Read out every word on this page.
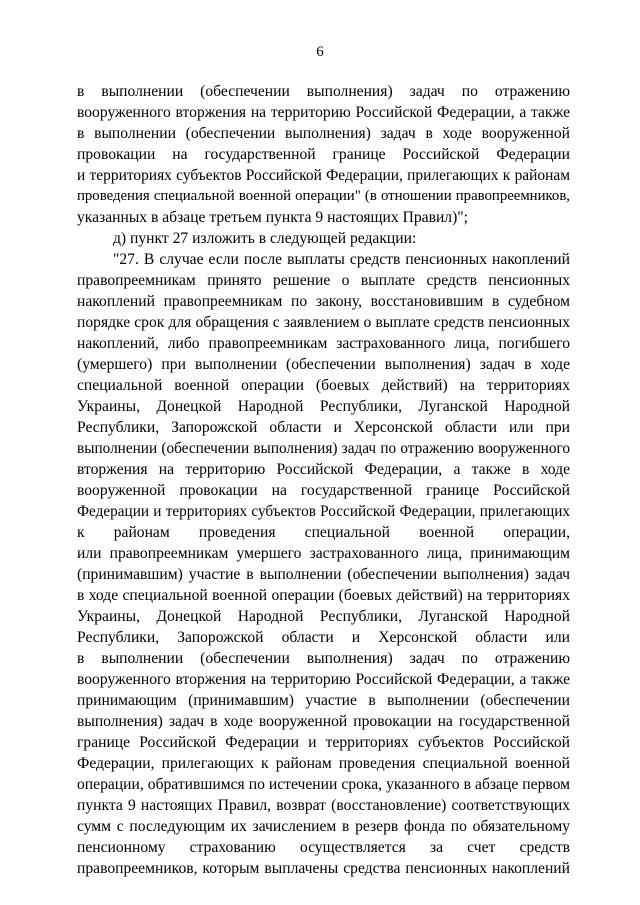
6
в выполнении (обеспечении выполнения) задач по отражению
вооруженного вторжения на территорию Российской Федерации, а также
в выполнении (обеспечении выполнения) задач в ходе вооруженной
провокации на государственной границе Российской Федерации
и территориях субъектов Российской Федерации, прилегающих к районам
проведения специальной военной операции" (в отношении правопреемников,
указанных в абзаце третьем пункта 9 настоящих Правил)";
д) пункт 27 изложить в следующей редакции:
"27. В случае если после выплаты средств пенсионных накоплений
правопреемникам принято решение о выплате средств пенсионных
накоплений правопреемникам по закону, восстановившим в судебном
порядке срок для обращения с заявлением о выплате средств пенсионных
накоплений, либо правопреемникам застрахованного лица, погибшего
(умершего) при выполнении (обеспечении выполнения) задач в ходе
специальной военной операции (боевых действий) на территориях
Украины, Донецкой Народной Республики, Луганской Народной
Республики, Запорожской области и Херсонской области или при
выполнении (обеспечении выполнения) задач по отражению вооруженного
вторжения на территорию Российской Федерации, а также в ходе
вооруженной провокации на государственной границе Российской
Федерации и территориях субъектов Российской Федерации, прилегающих
к районам проведения специальной военной операции,
или правопреемникам умершего застрахованного лица, принимающим
(принимавшим) участие в выполнении (обеспечении выполнения) задач
в ходе специальной военной операции (боевых действий) на территориях
Украины, Донецкой Народной Республики, Луганской Народной
Республики, Запорожской области и Херсонской области или
в выполнении (обеспечении выполнения) задач по отражению
вооруженного вторжения на территорию Российской Федерации, а также
принимающим (принимавшим) участие в выполнении (обеспечении
выполнения) задач в ходе вооруженной провокации на государственной
границе Российской Федерации и территориях субъектов Российской
Федерации, прилегающих к районам проведения специальной военной
операции, обратившимся по истечении срока, указанного в абзаце первом
пункта 9 настоящих Правил, возврат (восстановление) соответствующих
сумм с последующим их зачислением в резерв фонда по обязательному
пенсионному страхованию осуществляется за счет средств
правопреемников, которым выплачены средства пенсионных накоплений
